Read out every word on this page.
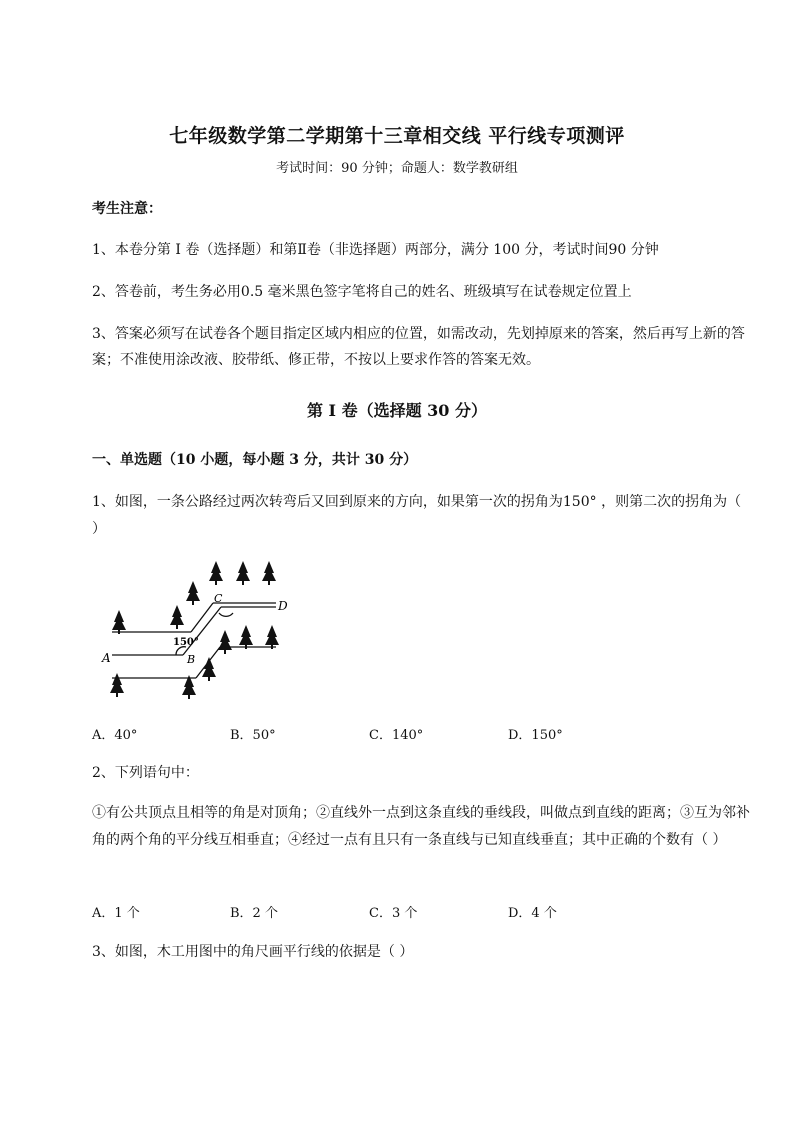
七年级数学第二学期第十三章相交线 平行线专项测评
考试时间：90 分钟；命题人：数学教研组
考生注意：
1、本卷分第 I 卷（选择题）和第Ⅱ卷（非选择题）两部分，满分 100 分，考试时间90 分钟
2、答卷前，考生务必用0.5 毫米黑色签字笔将自己的姓名、班级填写在试卷规定位置上
3、答案必须写在试卷各个题目指定区域内相应的位置，如需改动，先划掉原来的答案，然后再写上新的答案；不准使用涂改液、胶带纸、修正带，不按以上要求作答的答案无效。
第 I 卷（选择题 30 分）
一、单选题（10 小题，每小题 3 分，共计 30 分）
1、如图，一条公路经过两次转弯后又回到原来的方向，如果第一次的拐角为150° ，则第二次的拐角为（ ）
150°
A	B
C
D
A．40°	B．50°	C．140°	D．150°
2、下列语句中：
①有公共顶点且相等的角是对顶角；②直线外一点到这条直线的垂线段，叫做点到直线的距离；③互为邻补角的两个角的平分线互相垂直；④经过一点有且只有一条直线与已知直线垂直；其中正确的个数有（ ）
A．1 个	B．2 个	C．3 个	D．4 个
3、如图，木工用图中的角尺画平行线的依据是（ ）
